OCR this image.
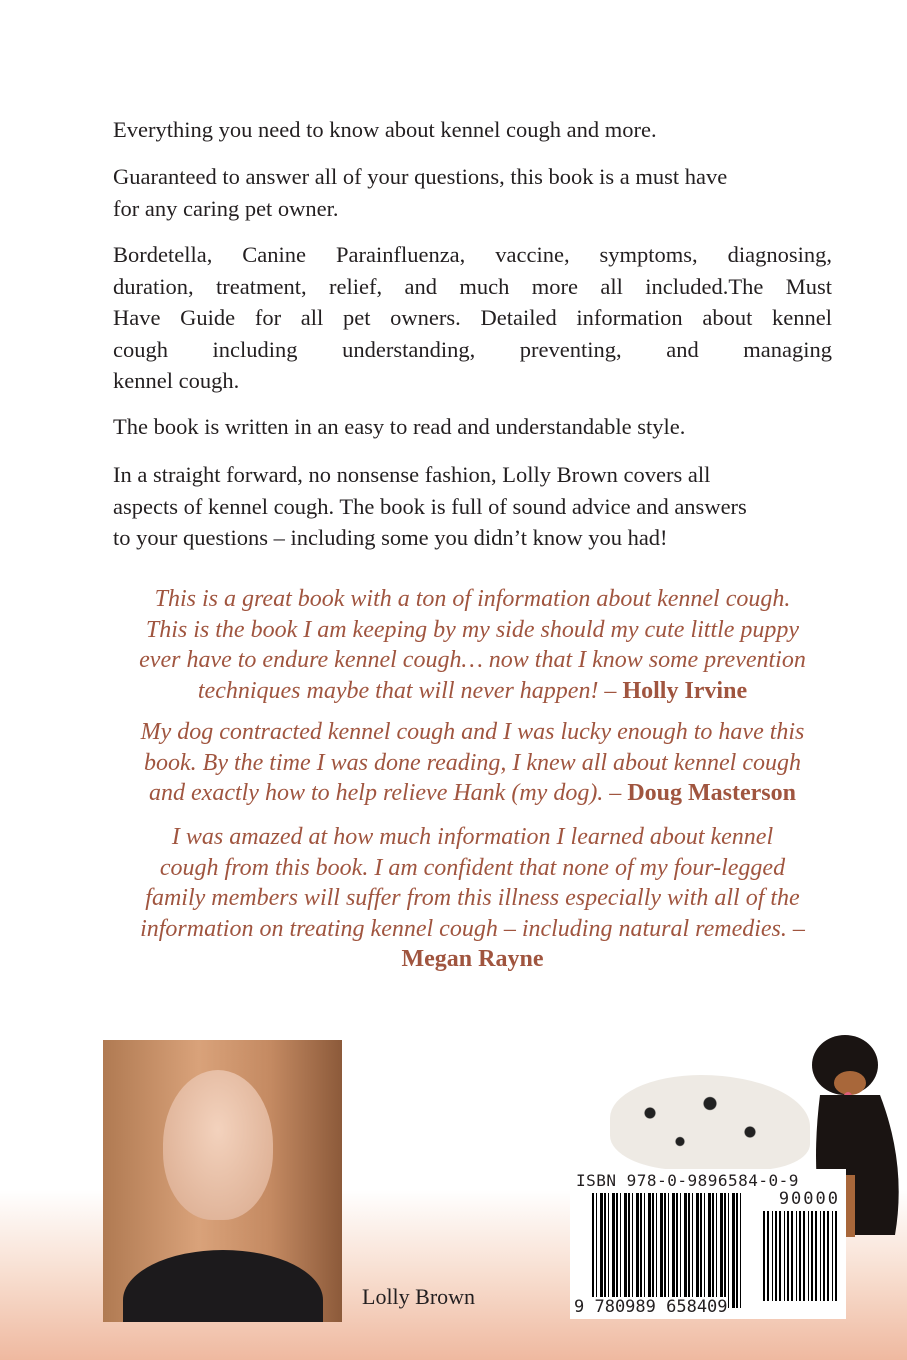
Everything you need to know about kennel cough and more.
Guaranteed to answer all of your questions, this book is a must have
for any caring pet owner.
Bordetella, Canine Parainfluenza, vaccine, symptoms, diagnosing,
duration, treatment, relief, and much more all included.The Must
Have Guide for all pet owners. Detailed information about kennel
cough including understanding, preventing, and managing
kennel cough.
The book is written in an easy to read and understandable style.
In a straight forward, no nonsense fashion, Lolly Brown covers all
aspects of kennel cough. The book is full of sound advice and answers
to your questions – including some you didn’t know you had!
This is a great book with a ton of information about kennel cough.
This is the book I am keeping by my side should my cute little puppy
ever have to endure kennel cough… now that I know some prevention
techniques maybe that will never happen! – Holly Irvine
My dog contracted kennel cough and I was lucky enough to have this
book. By the time I was done reading, I knew all about kennel cough
and exactly how to help relieve Hank (my dog). – Doug Masterson
I was amazed at how much information I learned about kennel
cough from this book. I am confident that none of my four-legged
family members will suffer from this illness especially with all of the
information on treating kennel cough – including natural remedies. –
Megan Rayne
Lolly Brown
ISBN 978-0-9896584-0-9
90000
9 780989 658409
